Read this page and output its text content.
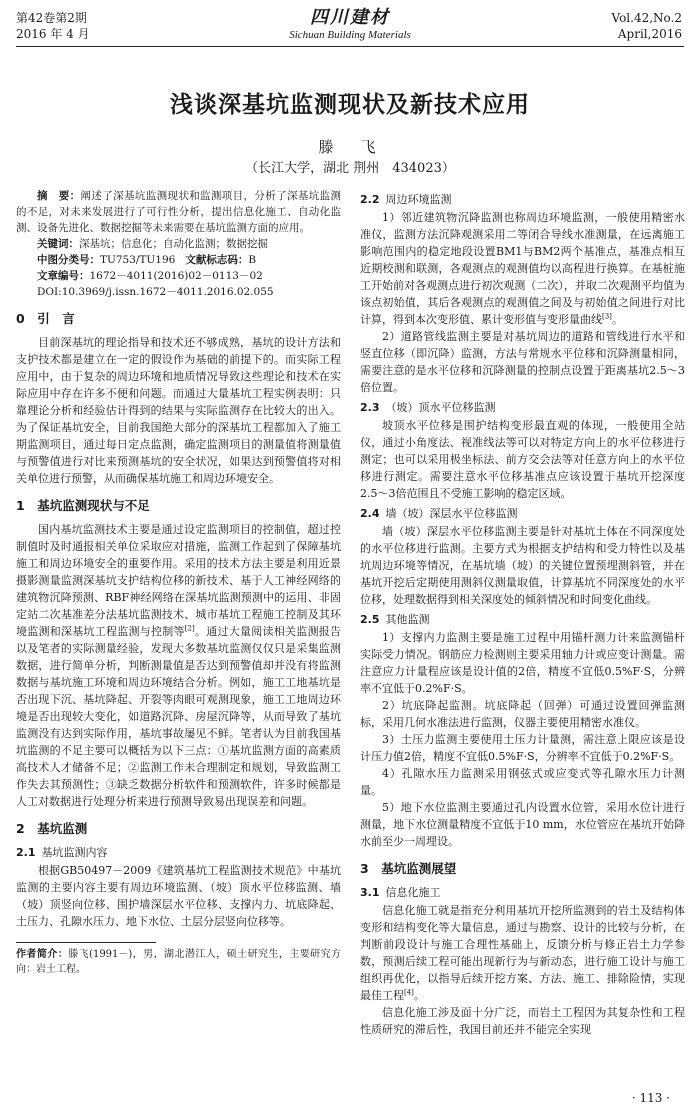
第42卷第2期
2016 年 4 月
四川建材
Sichuan Building Materials
Vol.42,No.2
April,2016
浅谈深基坑监测现状及新技术应用
滕　飞
（长江大学，湖北 荆州　434023）

摘　要：阐述了深基坑监测现状和监测项目，分析了深基坑监测的不足，对未来发展进行了可行性分析，提出信息化施工、自动化监测、设备先进化、数据挖掘等未来需要在基坑监测方面的应用。

关键词：深基坑；信息化；自动化监测；数据挖掘

中图分类号：TU753/TU196 文献标志码：B

文章编号：1672－4011(2016)02－0113－02

DOI:10.3969/j.issn.1672－4011.2016.02.055

0　引　言

目前深基坑的理论指导和技术还不够成熟，基坑的设计方法和支护技术都是建立在一定的假设作为基础的前提下的。而实际工程应用中，由于复杂的周边环境和地质情况导致这些理论和技术在实际应用中存在许多不便和问题。而通过大量基坑工程实例表明：只靠理论分析和经验估计得到的结果与实际监测存在比较大的出入。为了保证基坑安全，目前我国绝大部分的深基坑工程都加入了施工期监测项目，通过每日定点监测，确定监测项目的测量值将测量值与预警值进行对比来预测基坑的安全状况，如果达到预警值将对相关单位进行预警，从而确保基坑施工和周边环境安全。

1　基坑监测现状与不足

国内基坑监测技术主要是通过设定监测项目的控制值，超过控制值时及时通报相关单位采取应对措施，监测工作起到了保障基坑施工和周边环境安全的重要作用。采用的技术方法主要是利用近景摄影测量监测深基坑支护结构位移的新技术、基于人工神经网络的建筑物沉降预测、RBF神经网络在深基坑监测预测中的运用、非固定站二次基准差分法基坑监测技术、城市基坑工程施工控制及其环境监测和深基坑工程监测与控制等[2]。通过大量阅读相关监测报告以及笔者的实际测量经验，发现大多数基坑监测仅仅只是采集监测数据，进行简单分析，判断测量值是否达到预警值却并没有将监测数据与基坑施工环境和周边环境结合分析。例如，施工工地基坑是否出现下沉、基坑降起、开裂等肉眼可观测现象，施工工地周边环境是否出现较大变化，如道路沉降、房屋沉降等，从而导致了基坑监测没有达到实际作用，基坑事故屡见不鲜。笔者认为目前我国基坑监测的不足主要可以概括为以下三点：①基坑监测方面的高素质高技术人才储备不足；②监测工作未合理制定和规划，导致监测工作失去其预测性；③缺乏数据分析软件和预测软件，许多时候都是人工对数据进行处理分析来进行预测导致易出现误差和问题。

2　基坑监测
2.1 基坑监测内容

根据GB50497－2009《建筑基坑工程监测技术规范》中基坑监测的主要内容主要有周边环境监测、（坡）顶水平位移监测、墙（坡）顶竖向位移、围护墙深层水平位移、支撑内力、坑底降起、土压力、孔隙水压力、地下水位、土层分层竖向位移等。

作者简介：滕飞(1991－)，男，湖北潜江人，硕士研究生，主要研究方向：岩土工程。

2.2 周边环境监测

1）邻近建筑物沉降监测也称周边环境监测，一般使用精密水准仪，监测方法沉降观测采用二等闭合导线水准测量，在远离施工影响范围内的稳定地段设置BM1与BM2两个基准点，基准点相互近期校测和联测，各观测点的观测值均以高程进行换算。在基桩施工开始前对各观测点进行初次观测（二次），并取二次观测平均值为该点初始值，其后各观测点的观测值之间及与初始值之间进行对比计算，得到本次变形值、累计变形值与变形量曲线[3]。

2）道路管线监测主要是对基坑周边的道路和管线进行水平和竖直位移（即沉降）监测，方法与常规水平位移和沉降测量相同，需要注意的是水平位移和沉降测量的控制点设置于距离基坑2.5～3倍位置。

2.3 （坡）顶水平位移监测

坡顶水平位移是围护结构变形最直观的体现，一般使用全站仪，通过小角度法、视准线法等可以对特定方向上的水平位移进行测定；也可以采用极坐标法、前方交会法等对任意方向上的水平位移进行测定。需要注意水平位移基准点应该设置于基坑开挖深度2.5～3倍范围且不受施工影响的稳定区域。

2.4 墙（坡）深层水平位移监测

墙（坡）深层水平位移监测主要是针对基坑土体在不同深度处的水平位移进行监测。主要方式为根据支护结构和受力特性以及基坑周边环境等情况，在基坑墙（坡）的关键位置预埋测斜管，并在基坑开挖后定期使用测斜仪测量取值，计算基坑不同深度处的水平位移，处理数据得到相关深度处的倾斜情况和时间变化曲线。

2.5 其他监测

1）支撑内力监测主要是施工过程中用锚杆测力计来监测锚杆实际受力情况。钢筋应力检测则主要采用轴力计或应变计测量。需注意应力计量程应该是设计值的2倍，精度不宜低0.5%F·S，分辨率不宜低于0.2%F·S。

2）坑底降起监测。坑底降起（回弹）可通过设置回弹监测标，采用几何水准法进行监测，仪器主要使用精密水准仪。

3）土压力监测主要使用土压力计量测，需注意上限应该是设计压力值2倍，精度不宜低0.5%F·S，分辨率不宜低于0.2%F·S。

4）孔隙水压力监测采用钢弦式或应变式等孔隙水压力计测量。

5）地下水位监测主要通过孔内设置水位管，采用水位计进行测量，地下水位测量精度不宜低于10 mm，水位管应在基坑开始降水前至少一周埋设。

3　基坑监测展望
3.1 信息化施工

信息化施工就是指充分利用基坑开挖所监测到的岩土及结构体变形和结构变化等大量信息，通过与勘察、设计的比较与分析，在判断前段设计与施工合理性基础上，反馈分析与修正岩土力学参数，预测后续工程可能出现新行为与新动态，进行施工设计与施工组织再优化，以指导后续开挖方案、方法、施工、排除险情，实现最佳工程[4]。

信息化施工涉及面十分广泛，而岩土工程因为其复杂性和工程性质研究的滞后性，我国目前还并不能完全实现

· 113 ·
